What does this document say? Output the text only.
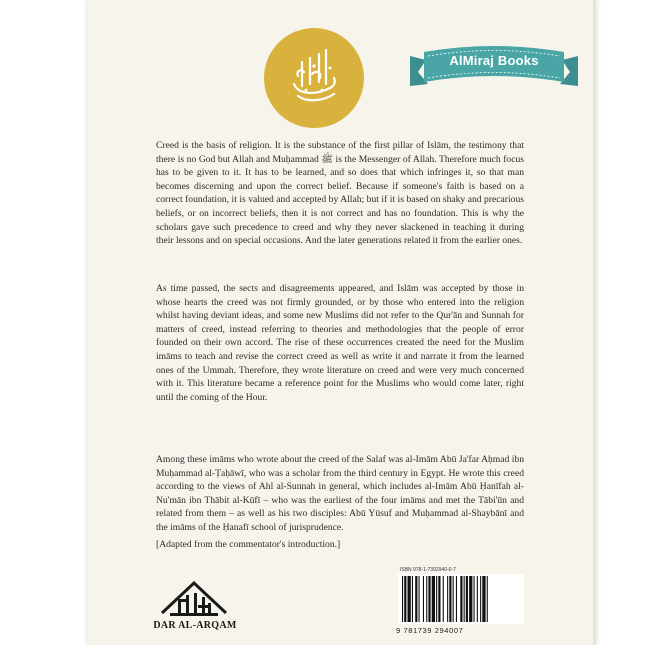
AlMiraj Books

Creed is the basis of religion. It is the substance of the first pillar of Islām, the testimony that there is no God but Allah and Muḥammad ﷺ is the Messenger of Allah. Therefore much focus has to be given to it. It has to be learned, and so does that which infringes it, so that man becomes discerning and upon the correct belief. Because if someone's faith is based on a correct foundation, it is valued and accepted by Allah; but if it is based on shaky and precarious beliefs, or on incorrect beliefs, then it is not correct and has no foundation. This is why the scholars gave such precedence to creed and why they never slackened in teaching it during their lessons and on special occasions. And the later generations related it from the earlier ones.

As time passed, the sects and disagreements appeared, and Islām was accepted by those in whose hearts the creed was not firmly grounded, or by those who entered into the religion whilst having deviant ideas, and some new Muslims did not refer to the Qur'ān and Sunnah for matters of creed, instead referring to theories and methodologies that the people of error founded on their own accord. The rise of these occurrences created the need for the Muslim imāms to teach and revise the correct creed as well as write it and narrate it from the learned ones of the Ummah. Therefore, they wrote literature on creed and were very much concerned with it. This literature became a reference point for the Muslims who would come later, right until the coming of the Hour.

Among these imāms who wrote about the creed of the Salaf was al-Imām Abū Ja'far Aḥmad ibn Muḥammad al-Ṭaḥāwī, who was a scholar from the third century in Egypt. He wrote this creed according to the views of Ahl al-Sunnah in general, which includes al-Imām Abū Ḥanīfah al-Nu'mān ibn Thābit al-Kūfī – who was the earliest of the four imāms and met the Tābi'ūn and related from them – as well as his two disciples: Abū Yūsuf and Muḥammad al-Shaybānī and the imāms of the Ḥanafī school of jurisprudence.

[Adapted from the commentator's introduction.]

DAR AL-ARQAM
ISBN 978-1-7392940-0-7
9 781739 294007
